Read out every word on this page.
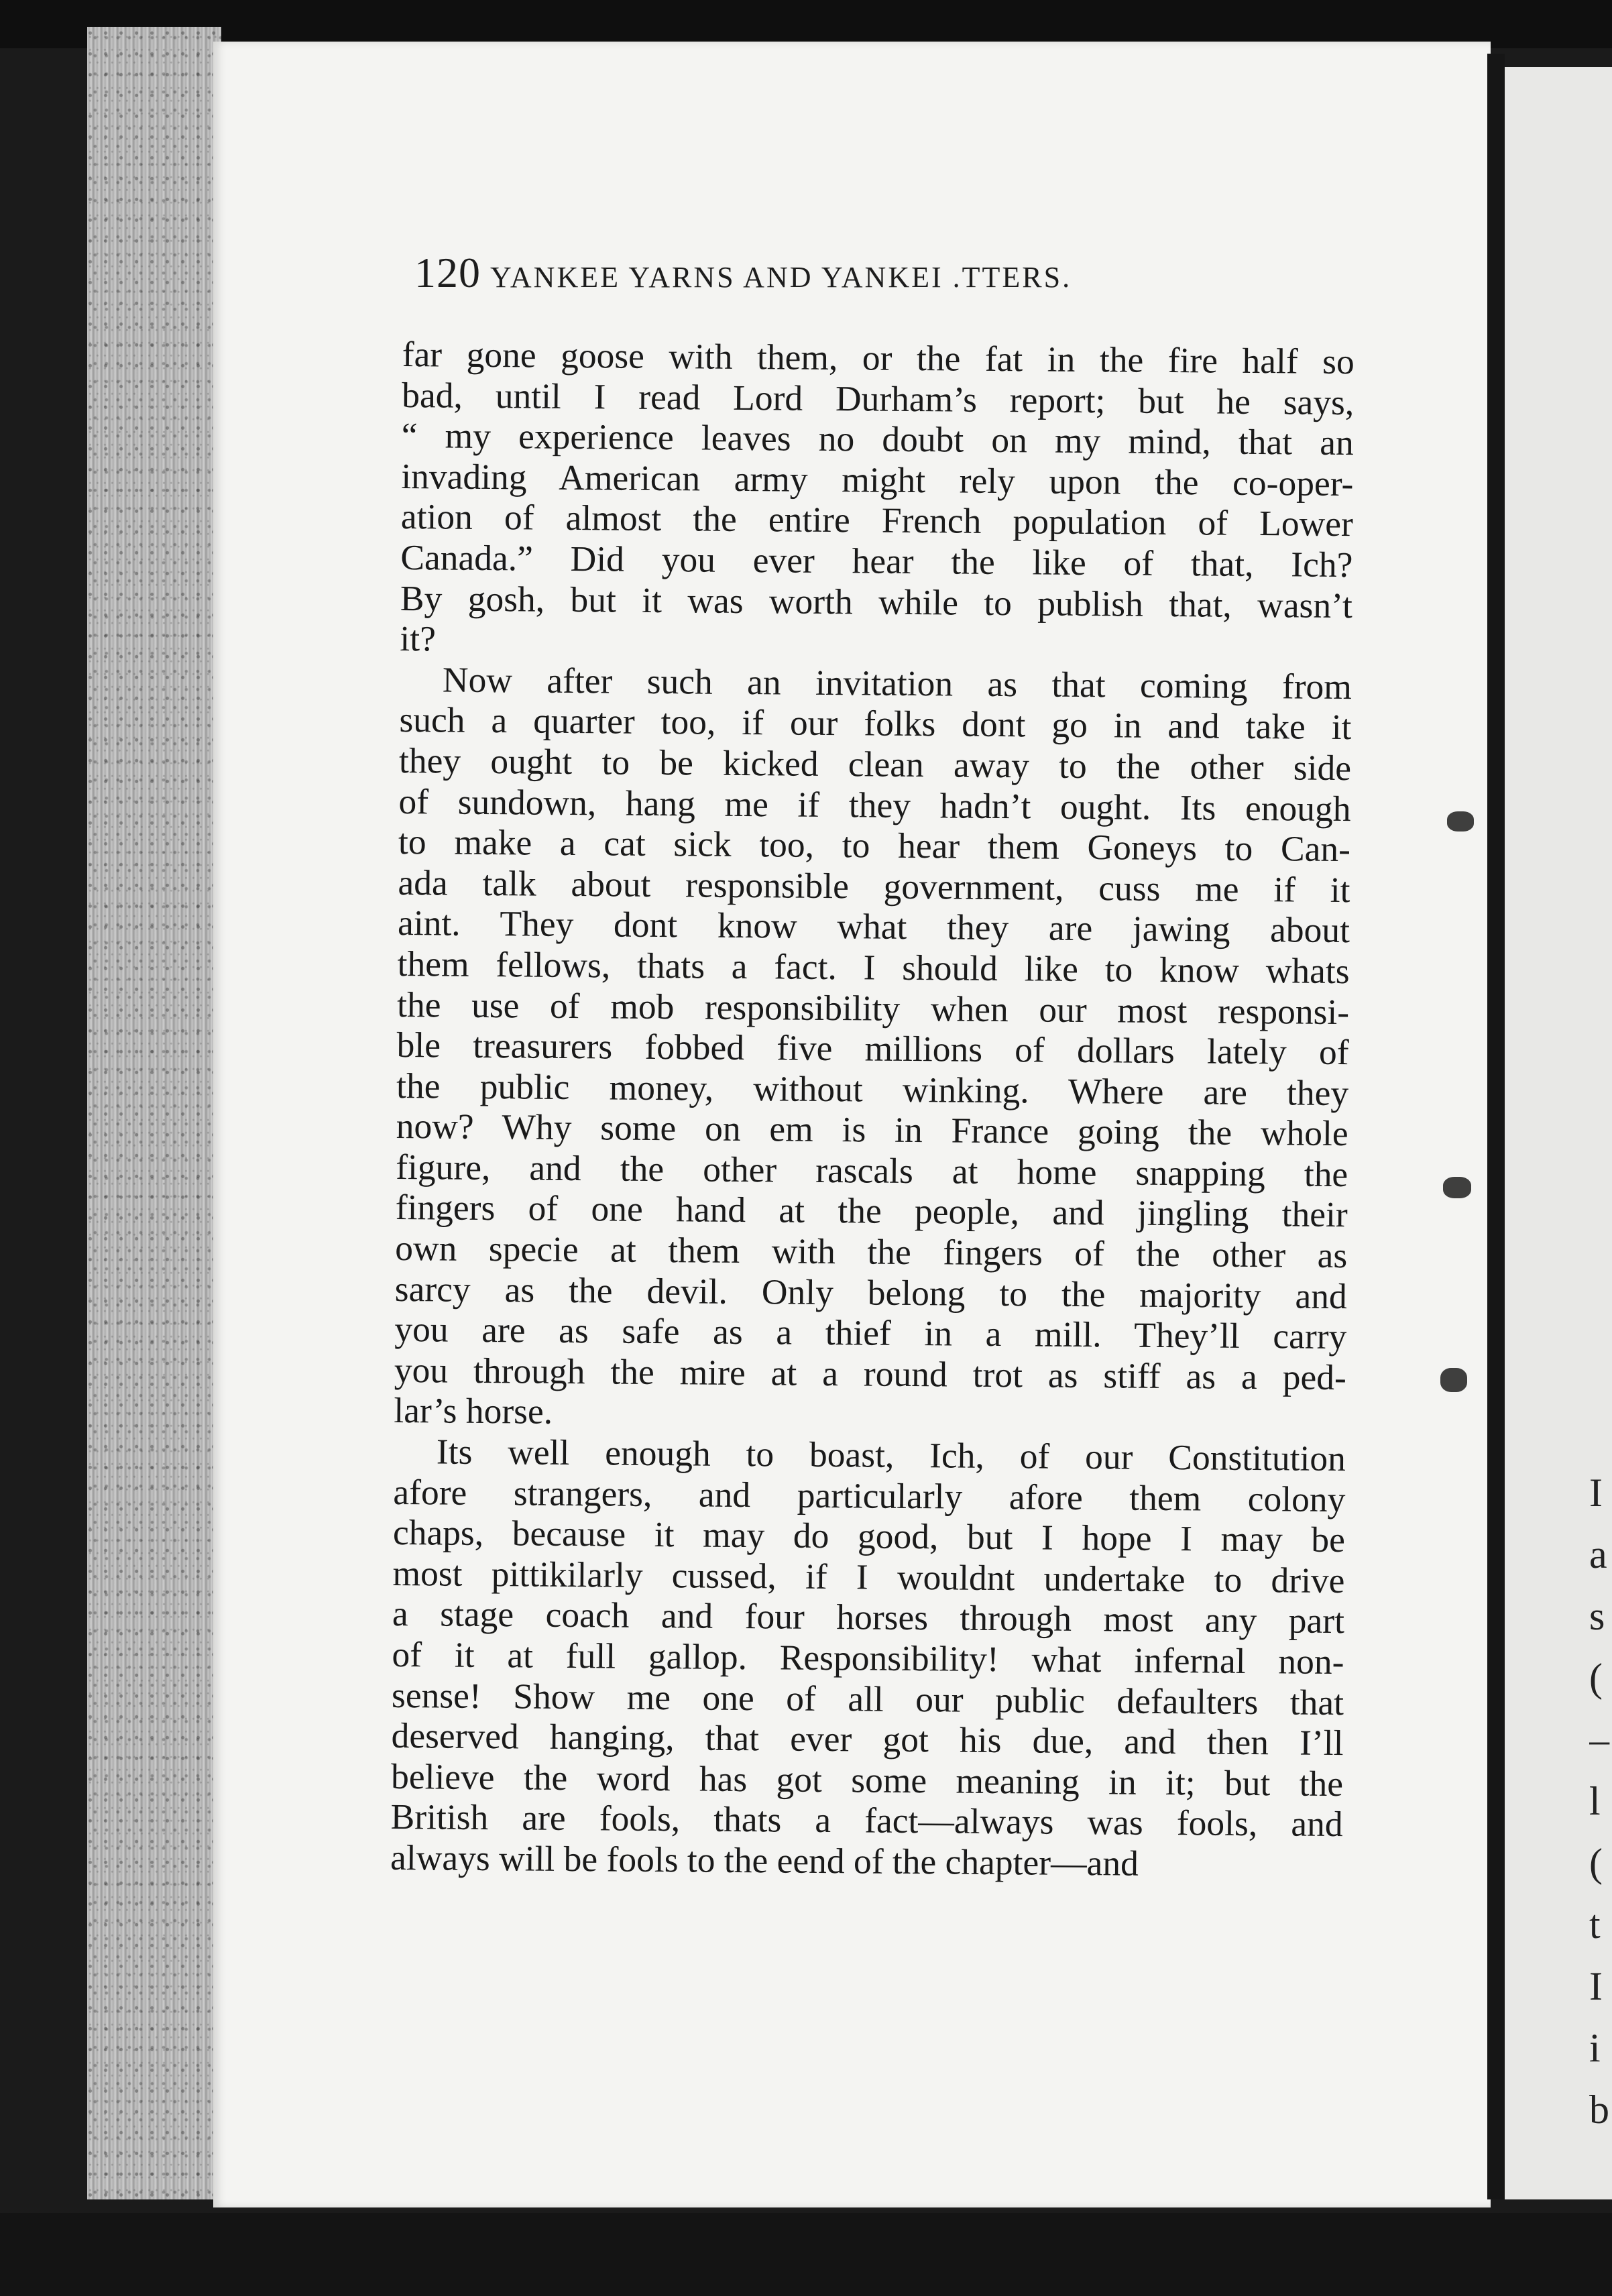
I
a
s
(
–
l
(
t
I
i
b
120 YANKEE YARNS AND YANKEI .TTERS.
far gone goose with them, or the fat in the fire half so
bad, until I read Lord Durham’s report; but he says,
“ my experience leaves no doubt on my mind, that an
invading American army might rely upon the co-oper-
ation of almost the entire French population of Lower
Canada.” Did you ever hear the like of that, Ich?
By gosh, but it was worth while to publish that, wasn’t
it?
Now after such an invitation as that coming from
such a quarter too, if our folks dont go in and take it
they ought to be kicked clean away to the other side
of sundown, hang me if they hadn’t ought. Its enough
to make a cat sick too, to hear them Goneys to Can-
ada talk about responsible government, cuss me if it
aint. They dont know what they are jawing about
them fellows, thats a fact. I should like to know whats
the use of mob responsibility when our most responsi-
ble treasurers fobbed five millions of dollars lately of
the public money, without winking. Where are they
now? Why some on em is in France going the whole
figure, and the other rascals at home snapping the
fingers of one hand at the people, and jingling their
own specie at them with the fingers of the other as
sarcy as the devil. Only belong to the majority and
you are as safe as a thief in a mill. They’ll carry
you through the mire at a round trot as stiff as a ped-
lar’s horse.
Its well enough to boast, Ich, of our Constitution
afore strangers, and particularly afore them colony
chaps, because it may do good, but I hope I may be
most pittikilarly cussed, if I wouldnt undertake to drive
a stage coach and four horses through most any part
of it at full gallop. Responsibility! what infernal non-
sense! Show me one of all our public defaulters that
deserved hanging, that ever got his due, and then I’ll
believe the word has got some meaning in it; but the
British are fools, thats a fact—always was fools, and
always will be fools to the eend of the chapter—and
